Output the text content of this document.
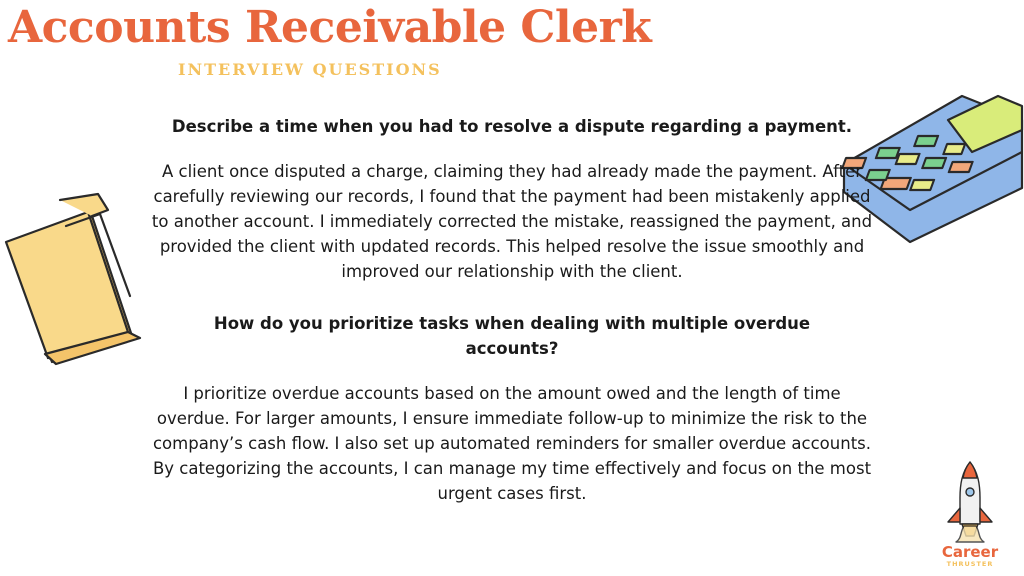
Accounts Receivable Clerk
INTERVIEW QUESTIONS

Describe a time when you had to resolve a dispute regarding a payment.

A client once disputed a charge, claiming they had already made the payment. After carefully reviewing our records, I found that the payment had been mistakenly applied to another account. I immediately corrected the mistake, reassigned the payment, and provided the client with updated records. This helped resolve the issue smoothly and improved our relationship with the client.

How do you prioritize tasks when dealing with multiple overdue accounts?

I prioritize overdue accounts based on the amount owed and the length of time overdue. For larger amounts, I ensure immediate follow-up to minimize the risk to the company’s cash flow. I also set up automated reminders for smaller overdue accounts. By categorizing the accounts, I can manage my time effectively and focus on the most urgent cases first.

Career
THRUSTER
